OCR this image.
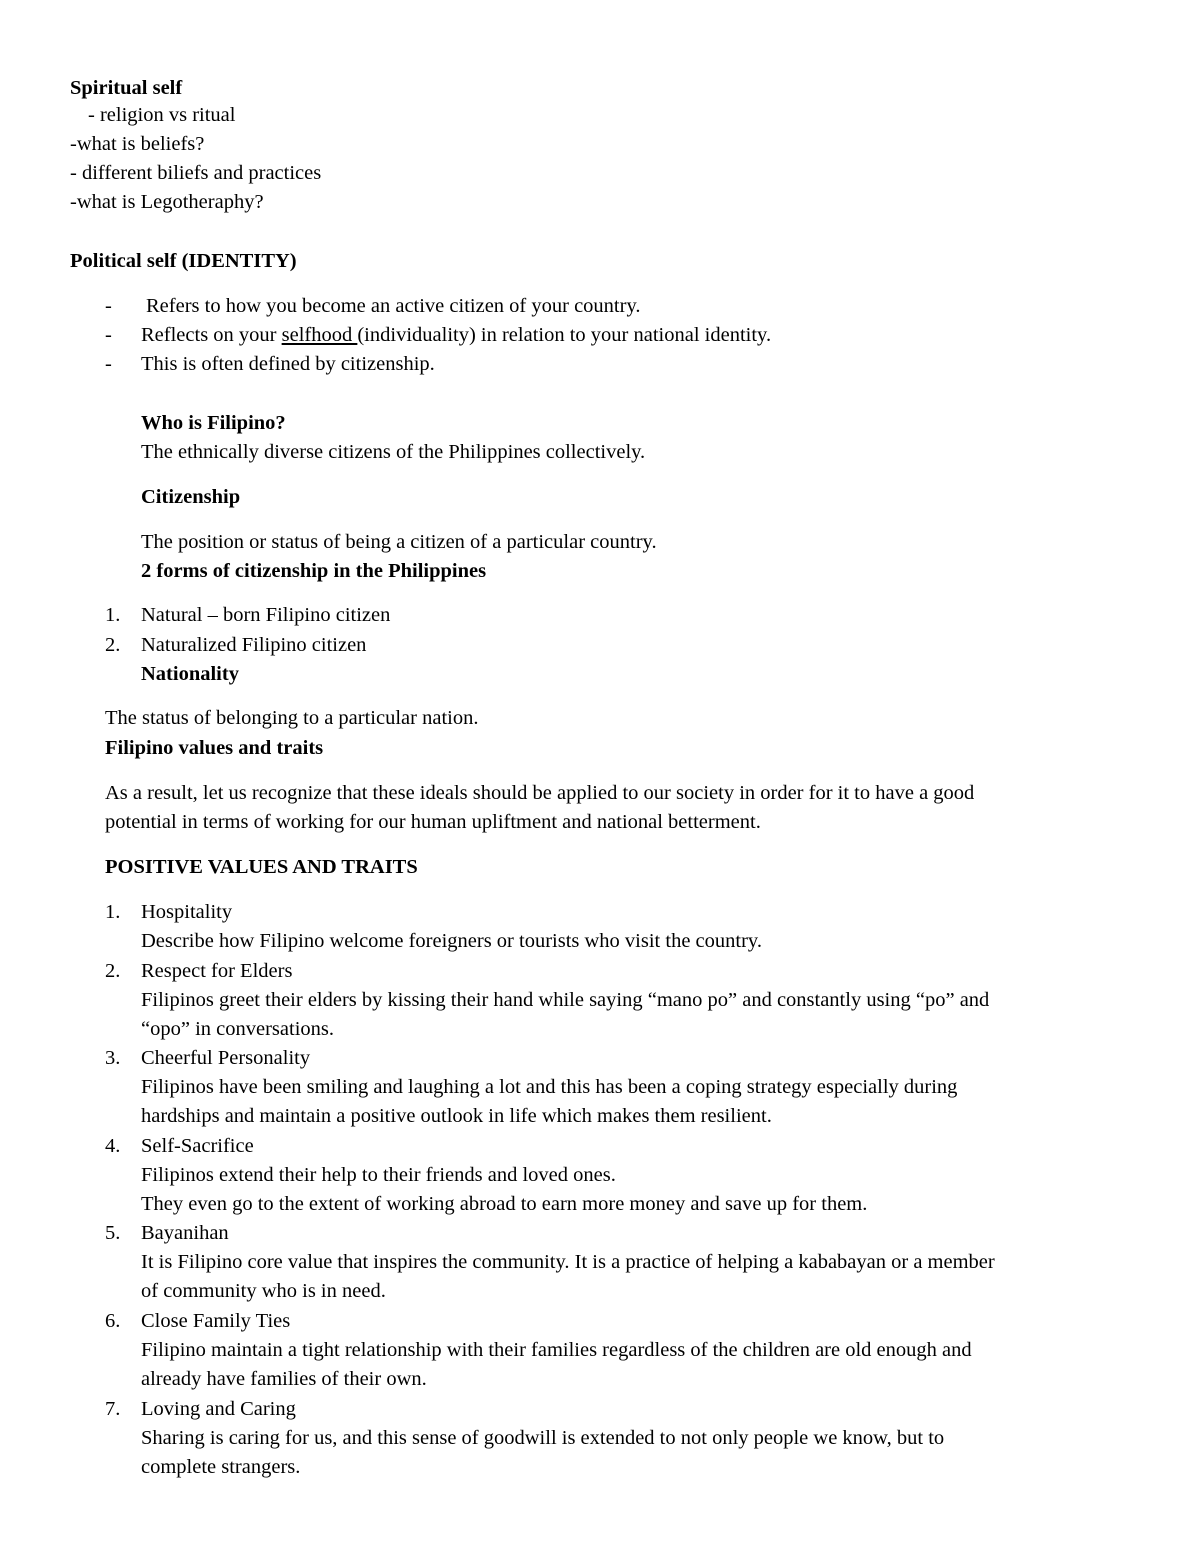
Spiritual self
- religion vs ritual
-what is beliefs?
- different biliefs and practices
-what is Legotheraphy?
Political self (IDENTITY)
- Refers to how you become an active citizen of your country.
- Reflects on your selfhood (individuality) in relation to your national identity.
- This is often defined by citizenship.
Who is Filipino?
The ethnically diverse citizens of the Philippines collectively.
Citizenship
The position or status of being a citizen of a particular country.
2 forms of citizenship in the Philippines
1. Natural – born Filipino citizen
2. Naturalized Filipino citizen
Nationality
The status of belonging to a particular nation.
Filipino values and traits
As a result, let us recognize that these ideals should be applied to our society in order for it to have a good
potential in terms of working for our human upliftment and national betterment.
POSITIVE VALUES AND TRAITS
1. Hospitality
Describe how Filipino welcome foreigners or tourists who visit the country.
2. Respect for Elders
Filipinos greet their elders by kissing their hand while saying “mano po” and constantly using “po” and
“opo” in conversations.
3. Cheerful Personality
Filipinos have been smiling and laughing a lot and this has been a coping strategy especially during
hardships and maintain a positive outlook in life which makes them resilient.
4. Self-Sacrifice
Filipinos extend their help to their friends and loved ones.
They even go to the extent of working abroad to earn more money and save up for them.
5. Bayanihan
It is Filipino core value that inspires the community. It is a practice of helping a kababayan or a member
of community who is in need.
6. Close Family Ties
Filipino maintain a tight relationship with their families regardless of the children are old enough and
already have families of their own.
7. Loving and Caring
Sharing is caring for us, and this sense of goodwill is extended to not only people we know, but to
complete strangers.
